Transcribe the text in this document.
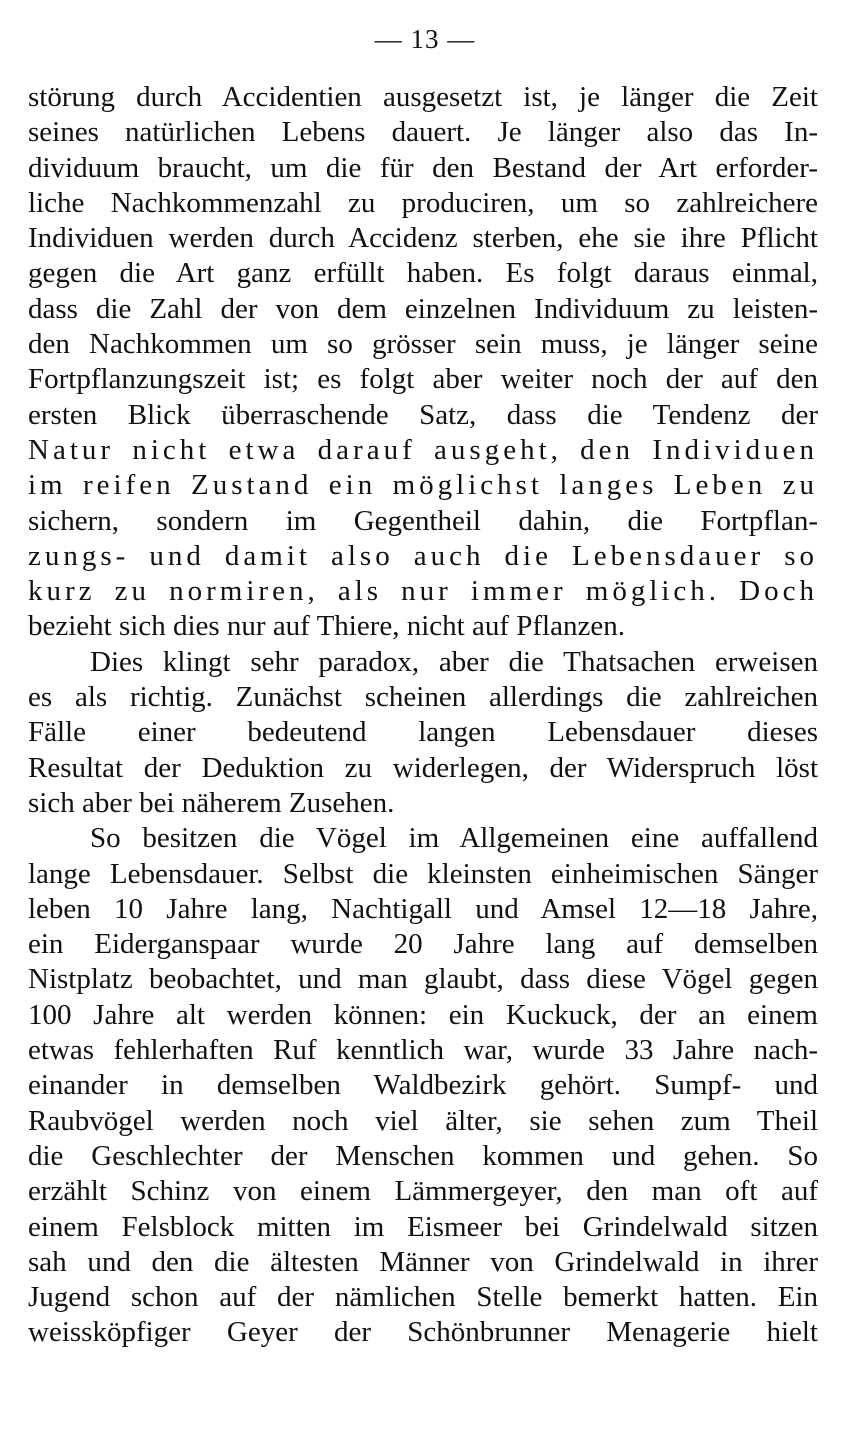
— 13 —
störung durch Accidentien ausgesetzt ist, je länger die Zeit
seines natürlichen Lebens dauert. Je länger also das In-
dividuum braucht, um die für den Bestand der Art erforder-
liche Nachkommenzahl zu produciren, um so zahlreichere
Individuen werden durch Accidenz sterben, ehe sie ihre Pflicht
gegen die Art ganz erfüllt haben. Es folgt daraus einmal,
dass die Zahl der von dem einzelnen Individuum zu leisten-
den Nachkommen um so grösser sein muss, je länger seine
Fortpflanzungszeit ist; es folgt aber weiter noch der auf den
ersten Blick überraschende Satz, dass die Tendenz der
Natur nicht etwa darauf ausgeht, den Individuen
im reifen Zustand ein möglichst langes Leben zu
sichern, sondern im Gegentheil dahin, die Fortpflan-
zungs- und damit also auch die Lebensdauer so
kurz zu normiren, als nur immer möglich. Doch
bezieht sich dies nur auf Thiere, nicht auf Pflanzen.
Dies klingt sehr paradox, aber die Thatsachen erweisen
es als richtig. Zunächst scheinen allerdings die zahlreichen
Fälle einer bedeutend langen Lebensdauer dieses
Resultat der Deduktion zu widerlegen, der Widerspruch löst
sich aber bei näherem Zusehen.
So besitzen die Vögel im Allgemeinen eine auffallend
lange Lebensdauer. Selbst die kleinsten einheimischen Sänger
leben 10 Jahre lang, Nachtigall und Amsel 12—18 Jahre,
ein Eiderganspaar wurde 20 Jahre lang auf demselben
Nistplatz beobachtet, und man glaubt, dass diese Vögel gegen
100 Jahre alt werden können: ein Kuckuck, der an einem
etwas fehlerhaften Ruf kenntlich war, wurde 33 Jahre nach-
einander in demselben Waldbezirk gehört. Sumpf- und
Raubvögel werden noch viel älter, sie sehen zum Theil
die Geschlechter der Menschen kommen und gehen. So
erzählt Schinz von einem Lämmergeyer, den man oft auf
einem Felsblock mitten im Eismeer bei Grindelwald sitzen
sah und den die ältesten Männer von Grindelwald in ihrer
Jugend schon auf der nämlichen Stelle bemerkt hatten. Ein
weissköpfiger Geyer der Schönbrunner Menagerie hielt
